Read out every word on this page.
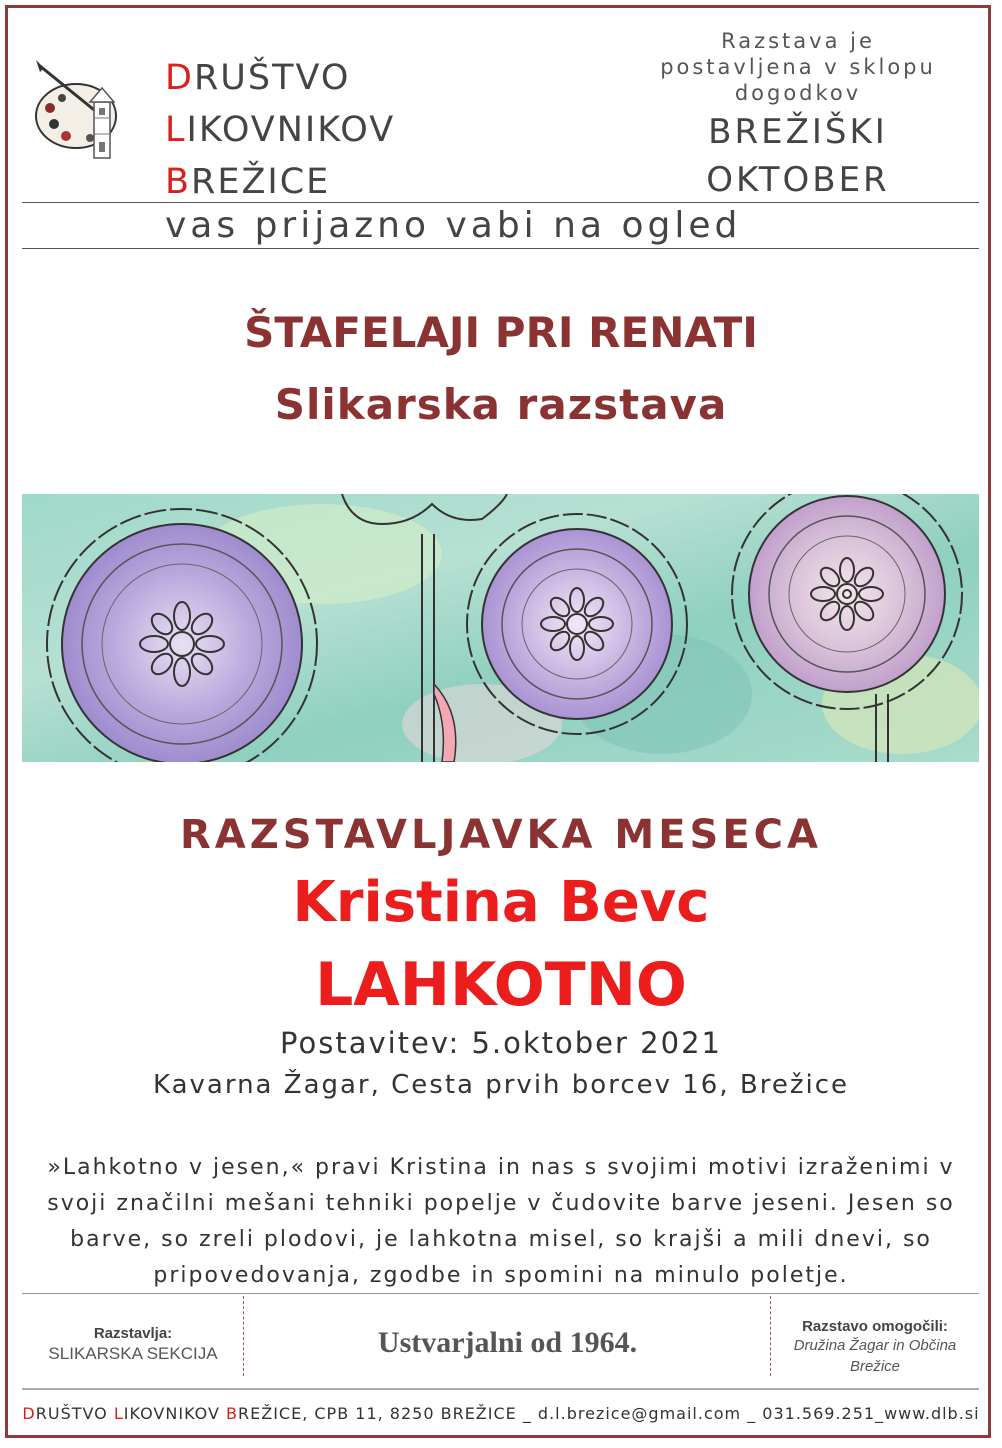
DRUŠTVO
LIKOVNIKOV
BREŽICE
Razstava je
postavljena v sklopu
dogodkov
BREŽIŠKI
OKTOBER
vas prijazno vabi na ogled
ŠTAFELAJI PRI RENATI
Slikarska razstava
RAZSTAVLJAVKA MESECA
Kristina Bevc
LAHKOTNO
Postavitev: 5.oktober 2021
Kavarna Žagar, Cesta prvih borcev 16, Brežice
»Lahkotno v jesen,« pravi Kristina in nas s svojimi motivi izraženimi v svoji značilni mešani tehniki popelje v čudovite barve jeseni. Jesen so barve, so zreli plodovi, je lahkotna misel, so krajši a mili dnevi, so pripovedovanja, zgodbe in spomini na minulo poletje.
Razstavlja:
SLIKARSKA SEKCIJA	Ustvarjalni od 1964.	Razstavo omogočili:
Družina Žagar in Občina
Brežice
DRUŠTVO LIKOVNIKOV BREŽICE, CPB 11, 8250 BREŽICE _ d.l.brezice@gmail.com _ 031.569.251_www.dlb.si
